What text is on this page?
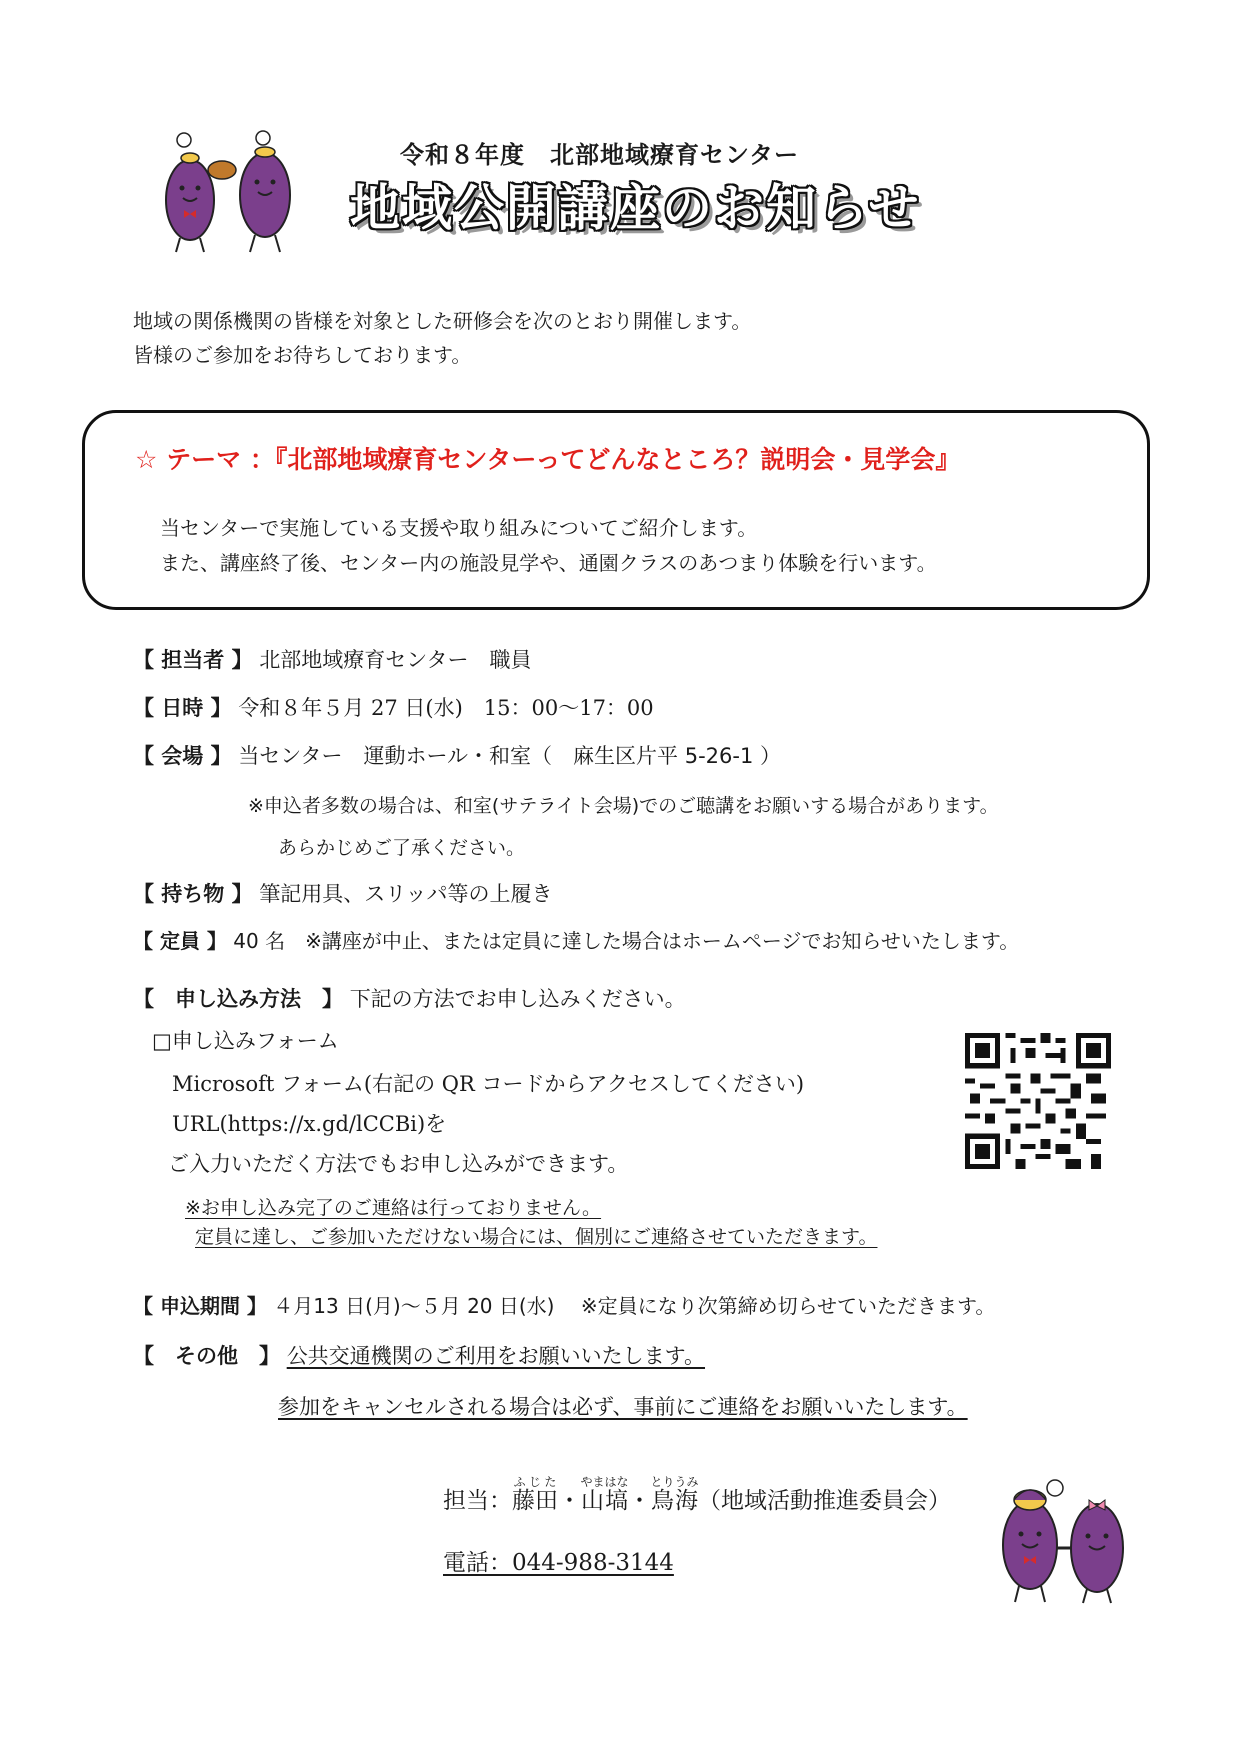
令和８年度　北部地域療育センター
地域公開講座のお知らせ
地域の関係機関の皆様を対象とした研修会を次のとおり開催します。
皆様のご参加をお待ちしております。
☆ テーマ ：『北部地域療育センターってどんなところ？説明会・見学会』
当センターで実施している支援や取り組みについてご紹介します。
また、講座終了後、センター内の施設見学や、通園クラスのあつまり体験を行います。
【 担当者 】 北部地域療育センター　職員
【 日時 】 令和８年５月 27 日(水)　15：00～17：00
【 会場 】 当センター　運動ホール・和室（　麻生区片平 5-26-1 ）
※申込者多数の場合は、和室(サテライト会場)でのご聴講をお願いする場合があります。
あらかじめご了承ください。
【 持ち物 】 筆記用具、スリッパ等の上履き
【 定員 】 40 名　※講座が中止、または定員に達した場合はホームページでお知らせいたします。
【　申し込み方法　】 下記の方法でお申し込みください。
□申し込みフォーム
Microsoft フォーム(右記の QR コードからアクセスしてください)
URL(https://x.gd/lCCBi)を
ご入力いただく方法でもお申し込みができます。
※お申し込み完了のご連絡は行っておりません。
定員に達し、ご参加いただけない場合には、個別にご連絡させていただきます。
【 申込期間 】 ４月13 日(月)～５月 20 日(水)　 ※定員になり次第締め切らせていただきます。
【　その他　】 公共交通機関のご利用をお願いいたします。
参加をキャンセルされる場合は必ず、事前にご連絡をお願いいたします。
担当：藤田ふじた・山塙やまはな・鳥海とりうみ（地域活動推進委員会）
電話：044-988-3144
